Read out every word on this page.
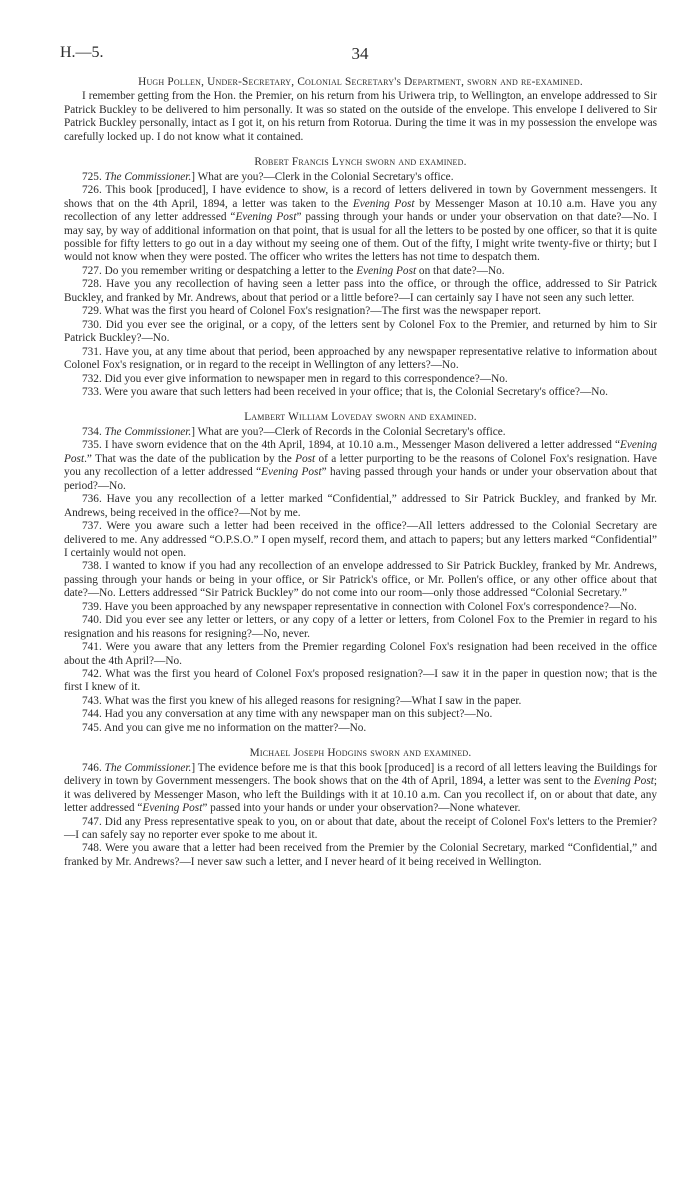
H.—5.	34

Hugh Pollen, Under-Secretary, Colonial Secretary's Department, sworn and re-examined.

I remember getting from the Hon. the Premier, on his return from his Uriwera trip, to Wellington, an envelope addressed to Sir Patrick Buckley to be delivered to him personally. It was so stated on the outside of the envelope. This envelope I delivered to Sir Patrick Buckley personally, intact as I got it, on his return from Rotorua. During the time it was in my possession the envelope was carefully locked up. I do not know what it contained.

Robert Francis Lynch sworn and examined.

725. The Commissioner.] What are you?—Clerk in the Colonial Secretary's office.

726. This book [produced], I have evidence to show, is a record of letters delivered in town by Government messengers. It shows that on the 4th April, 1894, a letter was taken to the Evening Post by Messenger Mason at 10.10 a.m. Have you any recollection of any letter addressed “Evening Post” passing through your hands or under your observation on that date?—No. I may say, by way of additional information on that point, that is usual for all the letters to be posted by one officer, so that it is quite possible for fifty letters to go out in a day without my seeing one of them. Out of the fifty, I might write twenty-five or thirty; but I would not know when they were posted. The officer who writes the letters has not time to despatch them.

727. Do you remember writing or despatching a letter to the Evening Post on that date?—No.

728. Have you any recollection of having seen a letter pass into the office, or through the office, addressed to Sir Patrick Buckley, and franked by Mr. Andrews, about that period or a little before?—I can certainly say I have not seen any such letter.

729. What was the first you heard of Colonel Fox's resignation?—The first was the newspaper report.

730. Did you ever see the original, or a copy, of the letters sent by Colonel Fox to the Premier, and returned by him to Sir Patrick Buckley?—No.

731. Have you, at any time about that period, been approached by any newspaper representative relative to information about Colonel Fox's resignation, or in regard to the receipt in Wellington of any letters?—No.

732. Did you ever give information to newspaper men in regard to this correspondence?—No.

733. Were you aware that such letters had been received in your office; that is, the Colonial Secretary's office?—No.

Lambert William Loveday sworn and examined.

734. The Commissioner.] What are you?—Clerk of Records in the Colonial Secretary's office.

735. I have sworn evidence that on the 4th April, 1894, at 10.10 a.m., Messenger Mason delivered a letter addressed “Evening Post.” That was the date of the publication by the Post of a letter purporting to be the reasons of Colonel Fox's resignation. Have you any recollection of a letter addressed “Evening Post” having passed through your hands or under your observation about that period?—No.

736. Have you any recollection of a letter marked “Confidential,” addressed to Sir Patrick Buckley, and franked by Mr. Andrews, being received in the office?—Not by me.

737. Were you aware such a letter had been received in the office?—All letters addressed to the Colonial Secretary are delivered to me. Any addressed “O.P.S.O.” I open myself, record them, and attach to papers; but any letters marked “Confidential” I certainly would not open.

738. I wanted to know if you had any recollection of an envelope addressed to Sir Patrick Buckley, franked by Mr. Andrews, passing through your hands or being in your office, or Sir Patrick's office, or Mr. Pollen's office, or any other office about that date?—No. Letters addressed “Sir Patrick Buckley” do not come into our room—only those addressed “Colonial Secretary.”

739. Have you been approached by any newspaper representative in connection with Colonel Fox's correspondence?—No.

740. Did you ever see any letter or letters, or any copy of a letter or letters, from Colonel Fox to the Premier in regard to his resignation and his reasons for resigning?—No, never.

741. Were you aware that any letters from the Premier regarding Colonel Fox's resignation had been received in the office about the 4th April?—No.

742. What was the first you heard of Colonel Fox's proposed resignation?—I saw it in the paper in question now; that is the first I knew of it.

743. What was the first you knew of his alleged reasons for resigning?—What I saw in the paper.

744. Had you any conversation at any time with any newspaper man on this subject?—No.

745. And you can give me no information on the matter?—No.

Michael Joseph Hodgins sworn and examined.

746. The Commissioner.] The evidence before me is that this book [produced] is a record of all letters leaving the Buildings for delivery in town by Government messengers. The book shows that on the 4th of April, 1894, a letter was sent to the Evening Post; it was delivered by Messenger Mason, who left the Buildings with it at 10.10 a.m. Can you recollect if, on or about that date, any letter addressed “Evening Post” passed into your hands or under your observation?—None whatever.

747. Did any Press representative speak to you, on or about that date, about the receipt of Colonel Fox's letters to the Premier?—I can safely say no reporter ever spoke to me about it.

748. Were you aware that a letter had been received from the Premier by the Colonial Secretary, marked “Confidential,” and franked by Mr. Andrews?—I never saw such a letter, and I never heard of it being received in Wellington.
